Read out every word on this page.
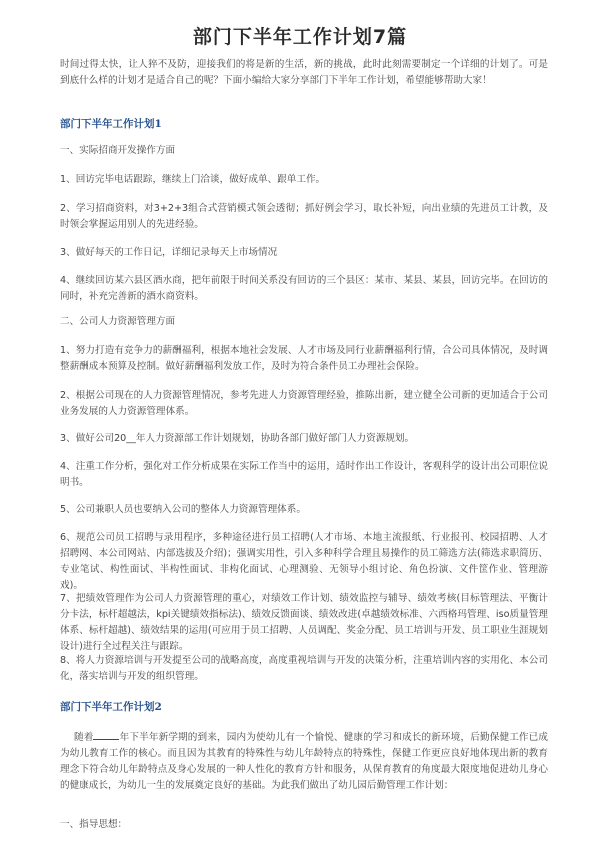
部门下半年工作计划7篇

时间过得太快，让人猝不及防，迎接我们的将是新的生活，新的挑战，此时此刻需要制定一个详细的计划了。可是到底什么样的计划才是适合自己的呢？下面小编给大家分享部门下半年工作计划，希望能够帮助大家！

部门下半年工作计划1

一、实际招商开发操作方面

1、回访完毕电话跟踪，继续上门洽谈，做好成单、跟单工作。

2、学习招商资料，对3+2+3组合式营销模式领会透彻；抓好例会学习，取长补短，向出业绩的先进员工计教，及时领会掌握运用别人的先进经验。

3、做好每天的工作日记，详细记录每天上市场情况

4、继续回访某六县区酒水商，把年前限于时间关系没有回访的三个县区：某市、某县、某县，回访完毕。在回访的同时，补充完善新的酒水商资料。

二、公司人力资源管理方面

1、努力打造有竞争力的薪酬福利，根据本地社会发展、人才市场及同行业薪酬福利行情，合公司具体情况，及时调整薪酬成本预算及控制。做好薪酬福利发放工作，及时为符合条件员工办理社会保险。

2、根据公司现在的人力资源管理情况，参考先进人力资源管理经验，推陈出新，建立健全公司新的更加适合于公司业务发展的人力资源管理体系。

3、做好公司20__年人力资源部工作计划规划，协助各部门做好部门人力资源规划。

4、注重工作分析，强化对工作分析成果在实际工作当中的运用，适时作出工作设计，客观科学的设计出公司职位说明书。

5、公司兼职人员也要纳入公司的整体人力资源管理体系。

6、规范公司员工招聘与录用程序，多种途径进行员工招聘(人才市场、本地主流报纸、行业报刊、校园招聘、人才招聘网、本公司网站、内部选拔及介绍)；强调实用性，引入多种科学合理且易操作的员工筛选方法(筛选求职简历、专业笔试、构性面试、半构性面试、非构化面试、心理测验、无领导小组讨论、角色扮演、文件筐作业、管理游戏)。

7、把绩效管理作为公司人力资源管理的重心，对绩效工作计划、绩效监控与辅导、绩效考核(目标管理法、平衡计分卡法，标杆超越法，kpi关键绩效指标法)、绩效反馈面谈、绩效改进(卓越绩效标准、六西格玛管理、iso质量管理体系、标杆超越)、绩效结果的运用(可应用于员工招聘、人员调配、奖金分配、员工培训与开发、员工职业生涯规划设计)进行全过程关注与跟踪。

8、将人力资源培训与开发提至公司的战略高度，高度重视培训与开发的决策分析，注重培训内容的实用化、本公司化，落实培训与开发的组织管理。

部门下半年工作计划2

随着	年下半年新学期的到来，园内为使幼儿有一个愉悦、健康的学习和成长的新环境，后勤保健工作已成为幼儿教育工作的核心。而且因为其教育的特殊性与幼儿年龄特点的特殊性，保健工作更应良好地体现出新的教育理念下符合幼儿年龄特点及身心发展的一种人性化的教育方针和服务，从保育教育的角度最大限度地促进幼儿身心的健康成长，为幼儿一生的发展奠定良好的基础。为此我们做出了幼儿园后勤管理工作计划：

一、指导思想：
